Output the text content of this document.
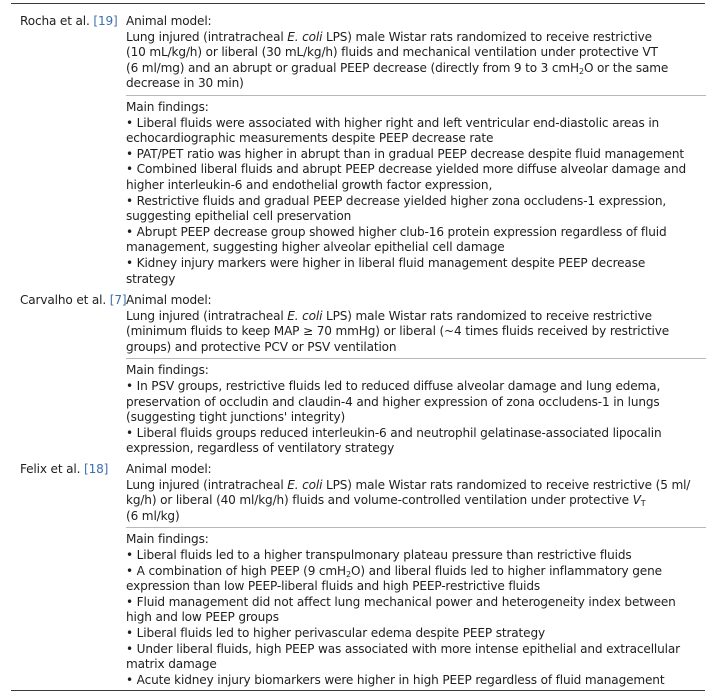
Rocha et al. [19] Animal model:
Lung injured (intratracheal E. coli LPS) male Wistar rats randomized to receive restrictive
(10 mL/kg/h) or liberal (30 mL/kg/h) fluids and mechanical ventilation under protective VT
(6 ml/mg) and an abrupt or gradual PEEP decrease (directly from 9 to 3 cmH$_2$O or the same
decrease in 30 min)
Main findings:
• Liberal fluids were associated with higher right and left ventricular end-diastolic areas in
echocardiographic measurements despite PEEP decrease rate
• PAT/PET ratio was higher in abrupt than in gradual PEEP decrease despite fluid management
• Combined liberal fluids and abrupt PEEP decrease yielded more diffuse alveolar damage and
higher interleukin-6 and endothelial growth factor expression,
• Restrictive fluids and gradual PEEP decrease yielded higher zona occludens-1 expression,
suggesting epithelial cell preservation
• Abrupt PEEP decrease group showed higher club-16 protein expression regardless of fluid
management, suggesting higher alveolar epithelial cell damage
• Kidney injury markers were higher in liberal fluid management despite PEEP decrease
strategy
Carvalho et al. [7] Animal model:
Lung injured (intratracheal E. coli LPS) male Wistar rats randomized to receive restrictive
(minimum fluids to keep MAP ≥ 70 mmHg) or liberal (~4 times fluids received by restrictive
groups) and protective PCV or PSV ventilation
Main findings:
• In PSV groups, restrictive fluids led to reduced diffuse alveolar damage and lung edema,
preservation of occludin and claudin-4 and higher expression of zona occludens-1 in lungs
(suggesting tight junctions' integrity)
• Liberal fluids groups reduced interleukin-6 and neutrophil gelatinase-associated lipocalin
expression, regardless of ventilatory strategy
Felix et al. [18] Animal model:
Lung injured (intratracheal E. coli LPS) male Wistar rats randomized to receive restrictive (5 ml/
kg/h) or liberal (40 ml/kg/h) fluids and volume-controlled ventilation under protective $V_T$
(6 ml/kg)
Main findings:
• Liberal fluids led to a higher transpulmonary plateau pressure than restrictive fluids
• A combination of high PEEP (9 cmH$_2$O) and liberal fluids led to higher inflammatory gene
expression than low PEEP-liberal fluids and high PEEP-restrictive fluids
• Fluid management did not affect lung mechanical power and heterogeneity index between
high and low PEEP groups
• Liberal fluids led to higher perivascular edema despite PEEP strategy
• Under liberal fluids, high PEEP was associated with more intense epithelial and extracellular
matrix damage
• Acute kidney injury biomarkers were higher in high PEEP regardless of fluid management
